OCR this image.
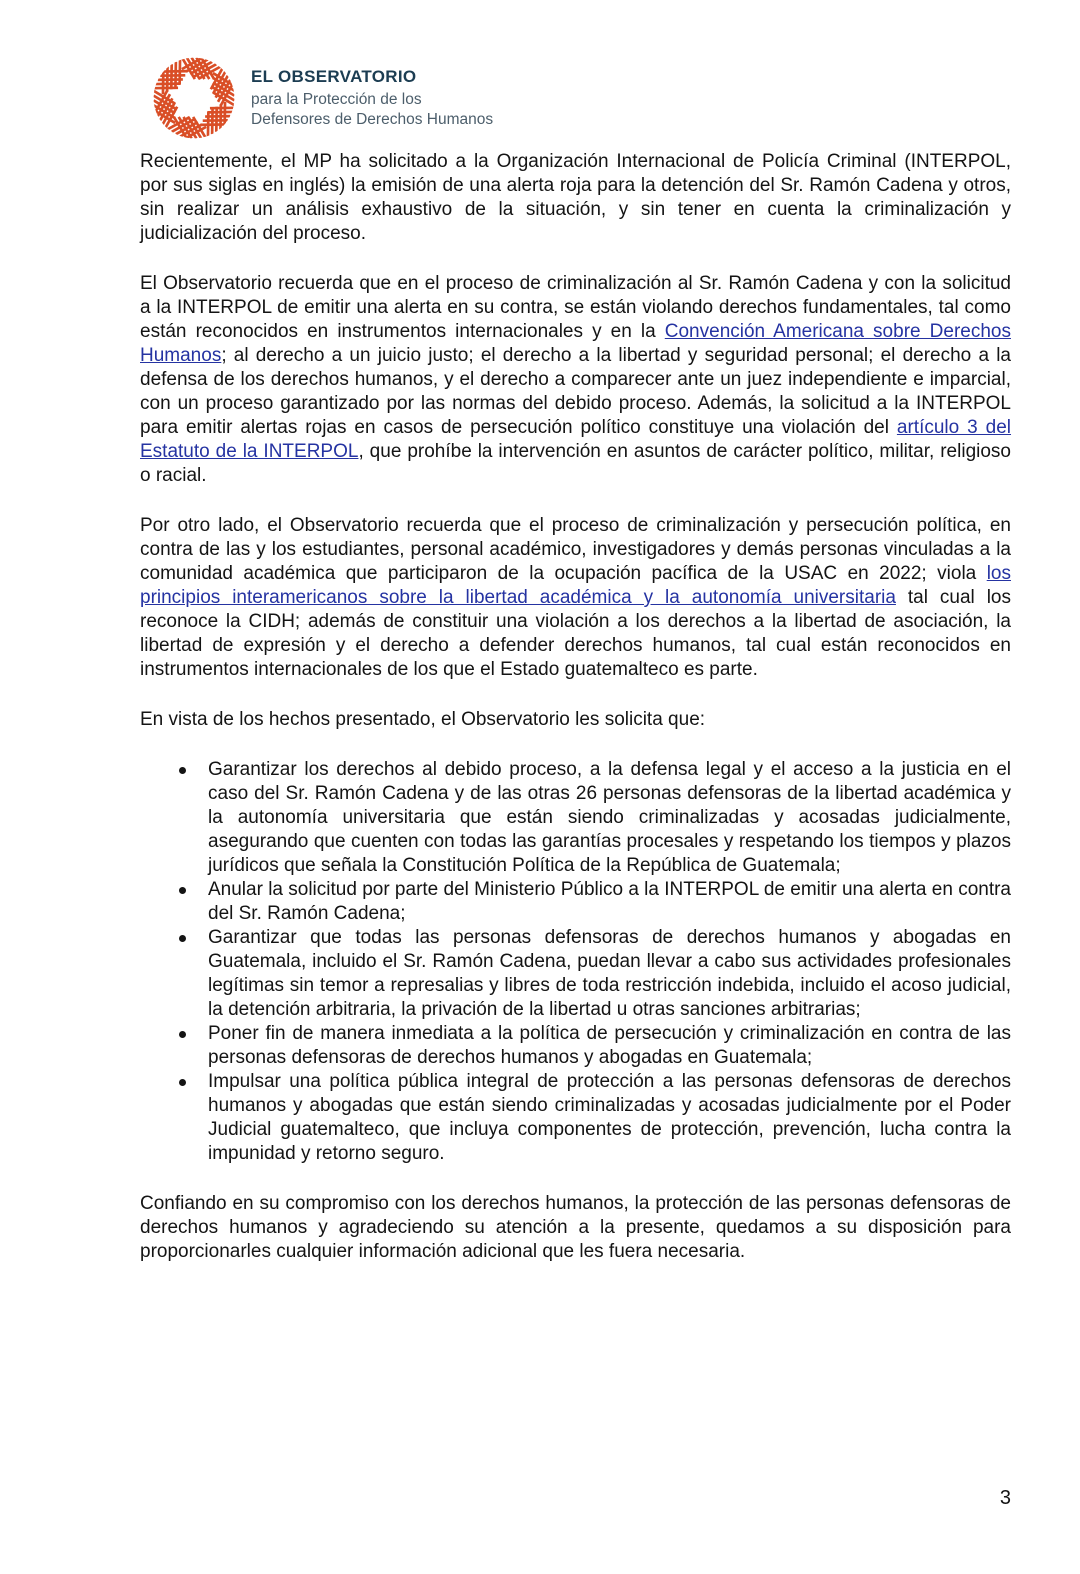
EL OBSERVATORIO
para la Protección de los
Defensores de Derechos Humanos

Recientemente, el MP ha solicitado a la Organización Internacional de Policía Criminal (INTERPOL, por sus siglas en inglés) la emisión de una alerta roja para la detención del Sr. Ramón Cadena y otros, sin realizar un análisis exhaustivo de la situación, y sin tener en cuenta la criminalización y judicialización del proceso.

El Observatorio recuerda que en el proceso de criminalización al Sr. Ramón Cadena y con la solicitud a la INTERPOL de emitir una alerta en su contra, se están violando derechos fundamentales, tal como están reconocidos en instrumentos internacionales y en la Convención Americana sobre Derechos Humanos; al derecho a un juicio justo; el derecho a la libertad y seguridad personal; el derecho a la defensa de los derechos humanos, y el derecho a comparecer ante un juez independiente e imparcial, con un proceso garantizado por las normas del debido proceso. Además, la solicitud a la INTERPOL para emitir alertas rojas en casos de persecución político constituye una violación del artículo 3 del Estatuto de la INTERPOL, que prohíbe la intervención en asuntos de carácter político, militar, religioso o racial.

Por otro lado, el Observatorio recuerda que el proceso de criminalización y persecución política, en contra de las y los estudiantes, personal académico, investigadores y demás personas vinculadas a la comunidad académica que participaron de la ocupación pacífica de la USAC en 2022; viola los principios interamericanos sobre la libertad académica y la autonomía universitaria tal cual los reconoce la CIDH; además de constituir una violación a los derechos a la libertad de asociación, la libertad de expresión y el derecho a defender derechos humanos, tal cual están reconocidos en instrumentos internacionales de los que el Estado guatemalteco es parte.

En vista de los hechos presentado, el Observatorio les solicita que:

Garantizar los derechos al debido proceso, a la defensa legal y el acceso a la justicia en el caso del Sr. Ramón Cadena y de las otras 26 personas defensoras de la libertad académica y la autonomía universitaria que están siendo criminalizadas y acosadas judicialmente, asegurando que cuenten con todas las garantías procesales y respetando los tiempos y plazos jurídicos que señala la Constitución Política de la República de Guatemala;
Anular la solicitud por parte del Ministerio Público a la INTERPOL de emitir una alerta en contra del Sr. Ramón Cadena;
Garantizar que todas las personas defensoras de derechos humanos y abogadas en Guatemala, incluido el Sr. Ramón Cadena, puedan llevar a cabo sus actividades profesionales legítimas sin temor a represalias y libres de toda restricción indebida, incluido el acoso judicial, la detención arbitraria, la privación de la libertad u otras sanciones arbitrarias;
Poner fin de manera inmediata a la política de persecución y criminalización en contra de las personas defensoras de derechos humanos y abogadas en Guatemala;
Impulsar una política pública integral de protección a las personas defensoras de derechos humanos y abogadas que están siendo criminalizadas y acosadas judicialmente por el Poder Judicial guatemalteco, que incluya componentes de protección, prevención, lucha contra la impunidad y retorno seguro.

Confiando en su compromiso con los derechos humanos, la protección de las personas defensoras de derechos humanos y agradeciendo su atención a la presente, quedamos a su disposición para proporcionarles cualquier información adicional que les fuera necesaria.

3
